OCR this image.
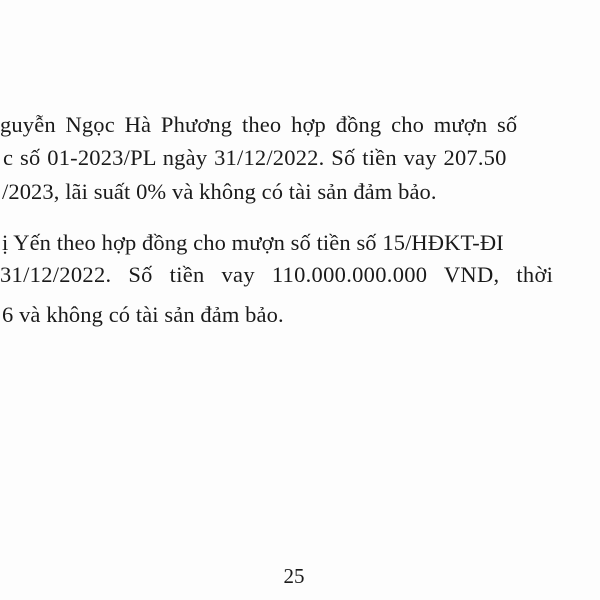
guyễn Ngọc Hà Phương theo hợp đồng cho mượn số
c số 01-2023/PL ngày 31/12/2022. Số tiền vay 207.50
/2023, lãi suất 0% và không có tài sản đảm bảo.
ị Yến theo hợp đồng cho mượn số tiền số 15/HĐKT-ĐI
31/12/2022. Số tiền vay 110.000.000.000 VND, thời
6 và không có tài sản đảm bảo.
25
